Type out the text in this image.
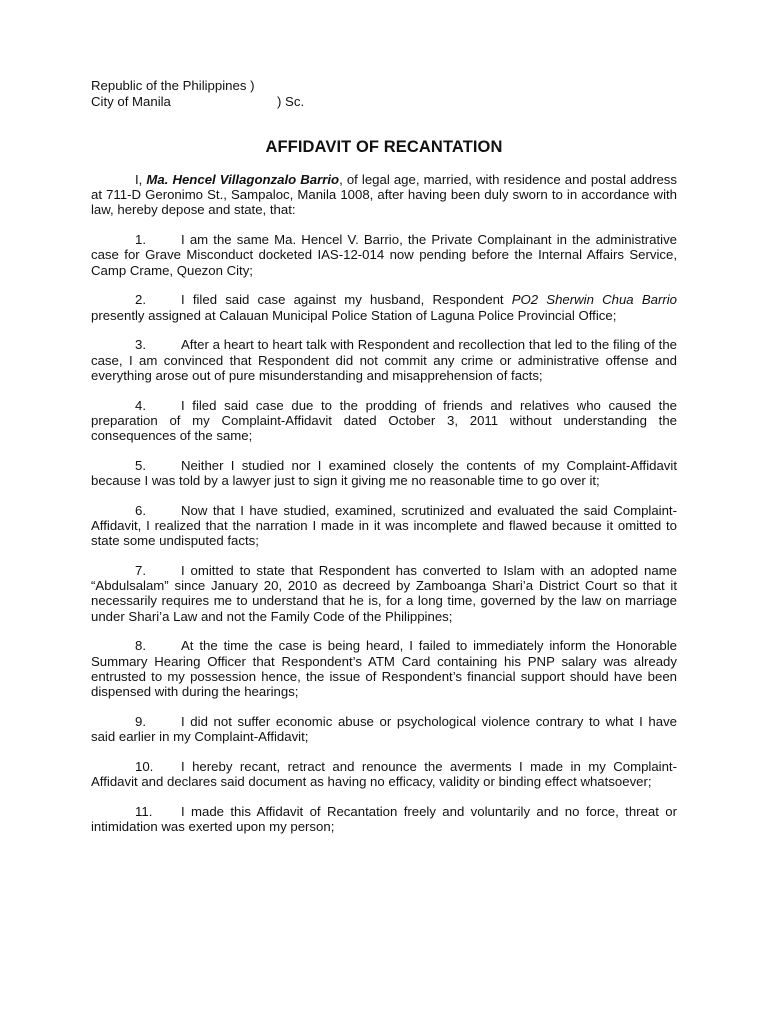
Republic of the Philippines )
City of Manila	) Sc.
AFFIDAVIT OF RECANTATION

I, Ma. Hencel Villagonzalo Barrio, of legal age, married, with residence and postal address at 711-D Geronimo St., Sampaloc, Manila 1008, after having been duly sworn to in accordance with law, hereby depose and state, that:

1.	I am the same Ma. Hencel V. Barrio, the Private Complainant in the administrative case for Grave Misconduct docketed IAS-12-014 now pending before the Internal Affairs Service, Camp Crame, Quezon City;

2.	I filed said case against my husband, Respondent PO2 Sherwin Chua Barrio presently assigned at Calauan Municipal Police Station of Laguna Police Provincial Office;

3.	After a heart to heart talk with Respondent and recollection that led to the filing of the case, I am convinced that Respondent did not commit any crime or administrative offense and everything arose out of pure misunderstanding and misapprehension of facts;

4.	I filed said case due to the prodding of friends and relatives who caused the preparation of my Complaint-Affidavit dated October 3, 2011 without understanding the consequences of the same;

5.	Neither I studied nor I examined closely the contents of my Complaint-Affidavit because I was told by a lawyer just to sign it giving me no reasonable time to go over it;

6.	Now that I have studied, examined, scrutinized and evaluated the said Complaint-Affidavit, I realized that the narration I made in it was incomplete and flawed because it omitted to state some undisputed facts;

7.	I omitted to state that Respondent has converted to Islam with an adopted name “Abdulsalam” since January 20, 2010 as decreed by Zamboanga Shari’a District Court so that it necessarily requires me to understand that he is, for a long time, governed by the law on marriage under Shari’a Law and not the Family Code of the Philippines;

8.	At the time the case is being heard, I failed to immediately inform the Honorable Summary Hearing Officer that Respondent’s ATM Card containing his PNP salary was already entrusted to my possession hence, the issue of Respondent’s financial support should have been dispensed with during the hearings;

9.	I did not suffer economic abuse or psychological violence contrary to what I have said earlier in my Complaint-Affidavit;

10. I hereby recant, retract and renounce the averments I made in my Complaint-Affidavit and declares said document as having no efficacy, validity or binding effect whatsoever;

11. I made this Affidavit of Recantation freely and voluntarily and no force, threat or intimidation was exerted upon my person;
